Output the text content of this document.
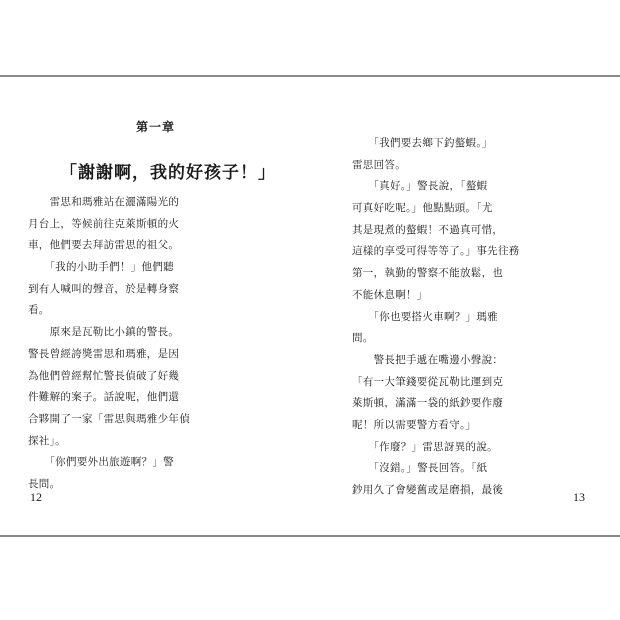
第一章
「謝謝啊，我的好孩子！」
　　雷思和瑪雅站在灑滿陽光的
月台上，等候前往克萊斯頓的火
車，他們要去拜訪雷思的祖父。
　　「我的小助手們！」他們聽
到有人喊叫的聲音，於是轉身察
看。
　　原來是瓦勒比小鎮的警長。
警長曾經誇獎雷思和瑪雅，是因
為他們曾經幫忙警長偵破了好幾
件難解的案子。話說呢，他們還
合夥開了一家「雷思與瑪雅少年偵
探社」。
　　「你們要外出旅遊啊？」警
長問。
　　「我們要去鄉下釣螯蝦。」
雷思回答。
　　「真好。」警長說，「螯蝦
可真好吃呢。」他點點頭。「尤
其是現煮的螯蝦！不過真可惜，
這樣的享受可得等等了。」事先往務
第一，執勤的警察不能放鬆，也
不能休息啊！」
　　「你也要搭火車啊？」瑪雅
問。
　　警長把手遞在嘴邊小聲說：
「有一大筆錢要從瓦勒比運到克
萊斯頓，滿滿一袋的紙鈔要作廢
呢！所以需要警方看守。」
　　「作廢？」雷思訝異的說。
　　「沒錯。」警長回答。「紙
鈔用久了會變舊或是磨損，最後
12	13
